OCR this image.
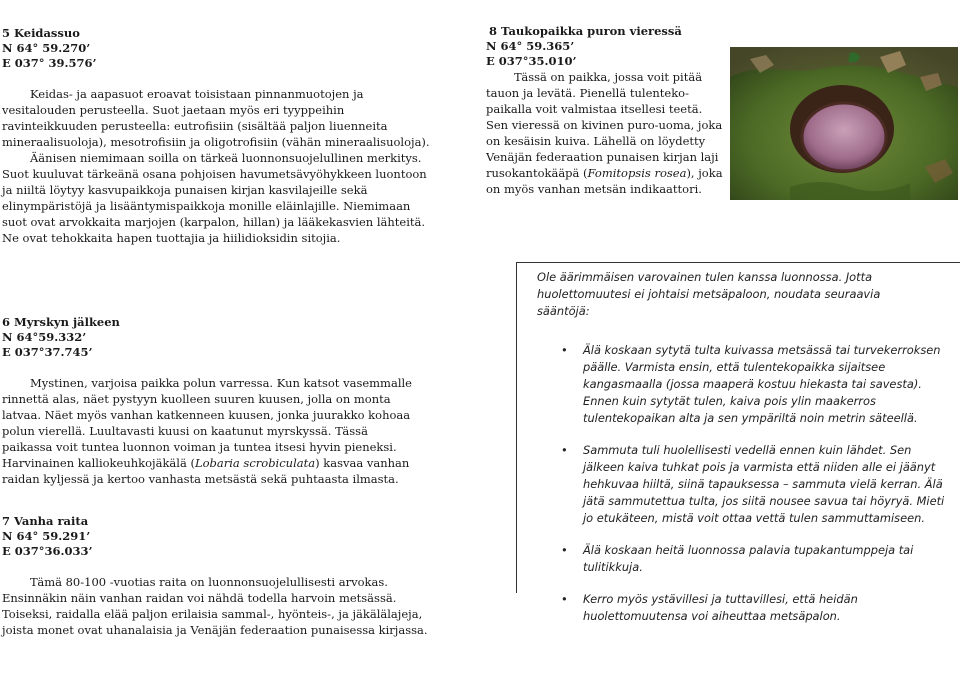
5 Keidassuo
N 64° 59.270’
E 037° 39.576’

Keidas- ja aapasuot eroavat toisistaan pinnanmuotojen ja vesitalouden perusteella. Suot jaetaan myös eri tyyppeihin ravinteikkuuden perusteella: eutrofisiin (sisältää paljon liuenneita mineraalisuoloja), mesotrofisiin ja oligotrofisiin (vähän mineraalisuoloja).

Äänisen niemimaan soilla on tärkeä luonnonsuojelullinen merkitys.

Suot kuuluvat tärkeänä osana pohjoisen havumetsävyöhykkeen luontoon ja niiltä löytyy kasvupaikkoja punaisen kirjan kasvilajeille sekä elinympäristöjä ja lisääntymispaikkoja monille eläinlajille. Niemimaan suot ovat arvokkaita marjojen (karpalon, hillan) ja lääkekasvien lähteitä. Ne ovat tehokkaita hapen tuottajia ja hiilidioksidin sitojia.

8 Taukopaikka puron vieressä
N 64° 59.365’
E 037°35.010’

Tässä on paikka, jossa voit pitää tauon ja levätä. Pienellä tulenteko-paikalla voit valmistaa itsellesi teetä. Sen vieressä on kivinen puro-uoma, joka on kesäisin kuiva. Lähellä on löydetty Venäjän federaation punaisen kirjan laji rusokantokääpä (Fomitopsis rosea), joka on myös vanhan metsän indikaattori.

6 Myrskyn jälkeen
N 64°59.332’
E 037°37.745’

Mystinen, varjoisa paikka polun varressa. Kun katsot vasemmalle rinnettä alas, näet pystyyn kuolleen suuren kuusen, jolla on monta latvaa. Näet myös vanhan katkenneen kuusen, jonka juurakko kohoaa polun vierellä. Luultavasti kuusi on kaatunut myrskyssä. Tässä paikassa voit tuntea luonnon voiman ja tuntea itsesi hyvin pieneksi. Harvinainen kalliokeuhkojäkälä (Lobaria scrobiculata) kasvaa vanhan raidan kyljessä ja kertoo vanhasta metsästä sekä puhtaasta ilmasta.

7 Vanha raita
N 64° 59.291’
E 037°36.033’

Tämä 80-100 -vuotias raita on luonnonsuojelullisesti arvokas. Ensinnäkin näin vanhan raidan voi nähdä todella harvoin metsässä. Toiseksi, raidalla elää paljon erilaisia sammal-, hyönteis-, ja jäkälälajeja, joista monet ovat uhanalaisia ja Venäjän federaation punaisessa kirjassa.

Ole äärimmäisen varovainen tulen kanssa luonnossa. Jotta huolettomuutesi ei johtaisi metsäpaloon, noudata seuraavia sääntöjä:
• Älä koskaan sytytä tulta kuivassa metsässä tai turvekerroksen päälle. Varmista ensin, että tulentekopaikka sijaitsee kangasmaalla (jossa maaperä kostuu hiekasta tai savesta). Ennen kuin sytytät tulen, kaiva pois ylin maakerros tulentekopaikan alta ja sen ympäriltä noin metrin säteellä.
• Sammuta tuli huolellisesti vedellä ennen kuin lähdet. Sen jälkeen kaiva tuhkat pois ja varmista että niiden alle ei jäänyt hehkuvaa hiiltä, siinä tapauksessa – sammuta vielä kerran. Älä jätä sammutettua tulta, jos siitä nousee savua tai höyryä. Mieti jo etukäteen, mistä voit ottaa vettä tulen sammuttamiseen.
• Älä koskaan heitä luonnossa palavia tupakantumppeja tai tulitikkuja.
• Kerro myös ystävillesi ja tuttavillesi, että heidän huolettomuutensa voi aiheuttaa metsäpalon.
